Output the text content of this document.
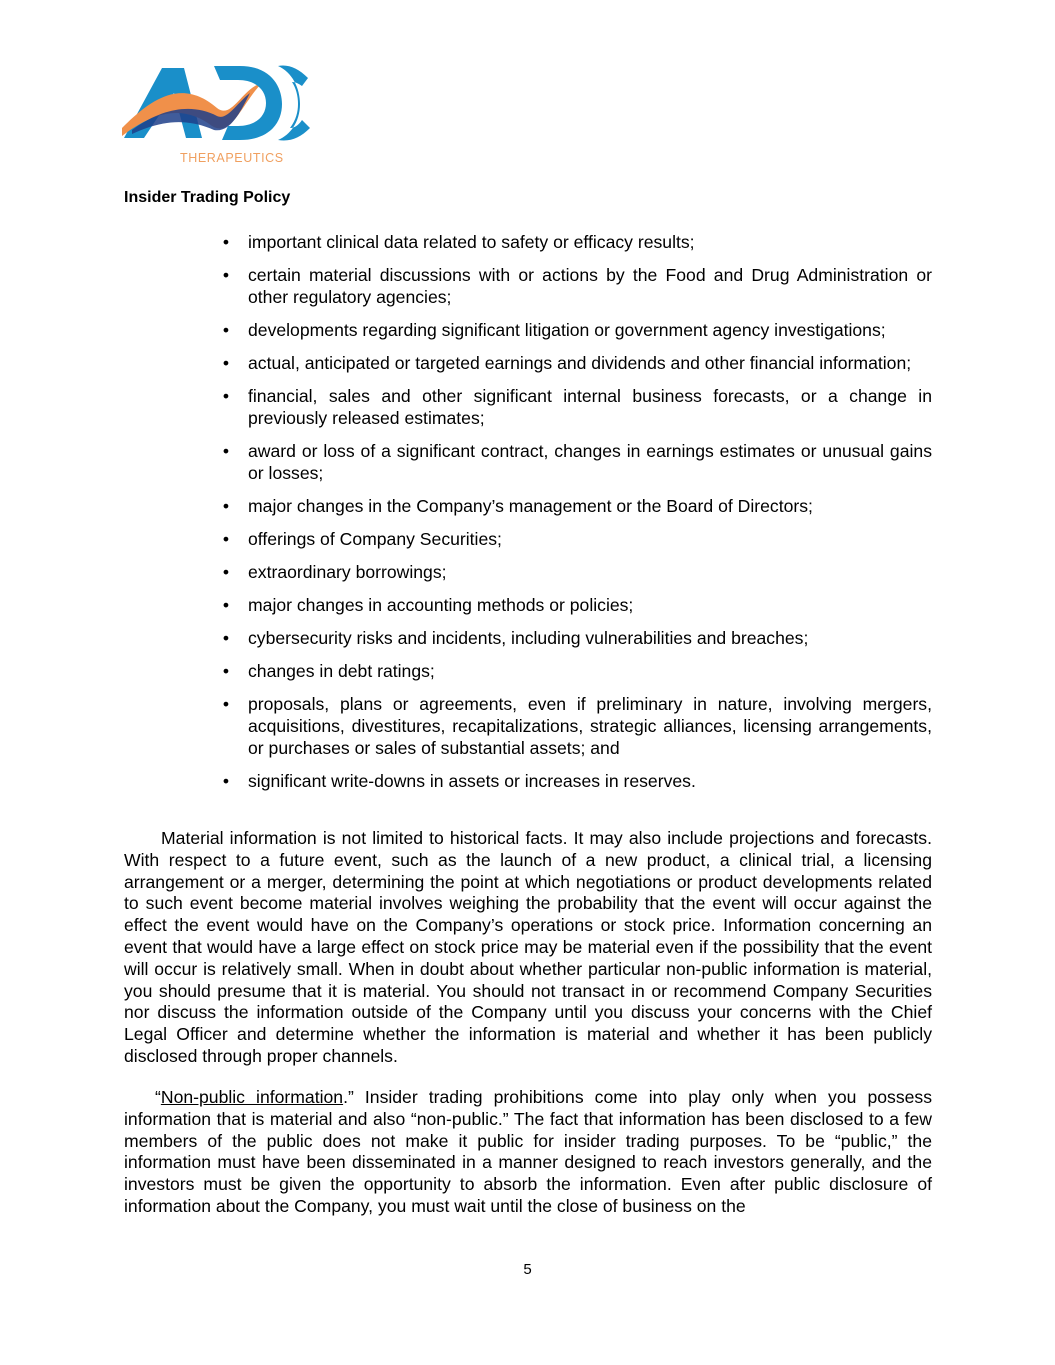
THERAPEUTICS
Insider Trading Policy
•	important clinical data related to safety or efficacy results;
•	certain material discussions with or actions by the Food and Drug Administration or other regulatory agencies;
•	developments regarding significant litigation or government agency investigations;
•	actual, anticipated or targeted earnings and dividends and other financial information;
•	financial, sales and other significant internal business forecasts, or a change in previously released estimates;
•	award or loss of a significant contract, changes in earnings estimates or unusual gains or losses;
•	major changes in the Company’s management or the Board of Directors;
•	offerings of Company Securities;
•	extraordinary borrowings;
•	major changes in accounting methods or policies;
•	cybersecurity risks and incidents, including vulnerabilities and breaches;
•	changes in debt ratings;
•	proposals, plans or agreements, even if preliminary in nature, involving mergers, acquisitions, divestitures, recapitalizations, strategic alliances, licensing arrangements, or purchases or sales of substantial assets; and
•	significant write-downs in assets or increases in reserves.

Material information is not limited to historical facts. It may also include projections and forecasts. With respect to a future event, such as the launch of a new product, a clinical trial, a licensing arrangement or a merger, determining the point at which negotiations or product developments related to such event become material involves weighing the probability that the event will occur against the effect the event would have on the Company’s operations or stock price. Information concerning an event that would have a large effect on stock price may be material even if the possibility that the event will occur is relatively small. When in doubt about whether particular non-public information is material, you should presume that it is material. You should not transact in or recommend Company Securities nor discuss the information outside of the Company until you discuss your concerns with the Chief Legal Officer and determine whether the information is material and whether it has been publicly disclosed through proper channels.

“Non-public information.” Insider trading prohibitions come into play only when you possess information that is material and also “non-public.” The fact that information has been disclosed to a few members of the public does not make it public for insider trading purposes. To be “public,” the information must have been disseminated in a manner designed to reach investors generally, and the investors must be given the opportunity to absorb the information. Even after public disclosure of information about the Company, you must wait until the close of business on the

5
